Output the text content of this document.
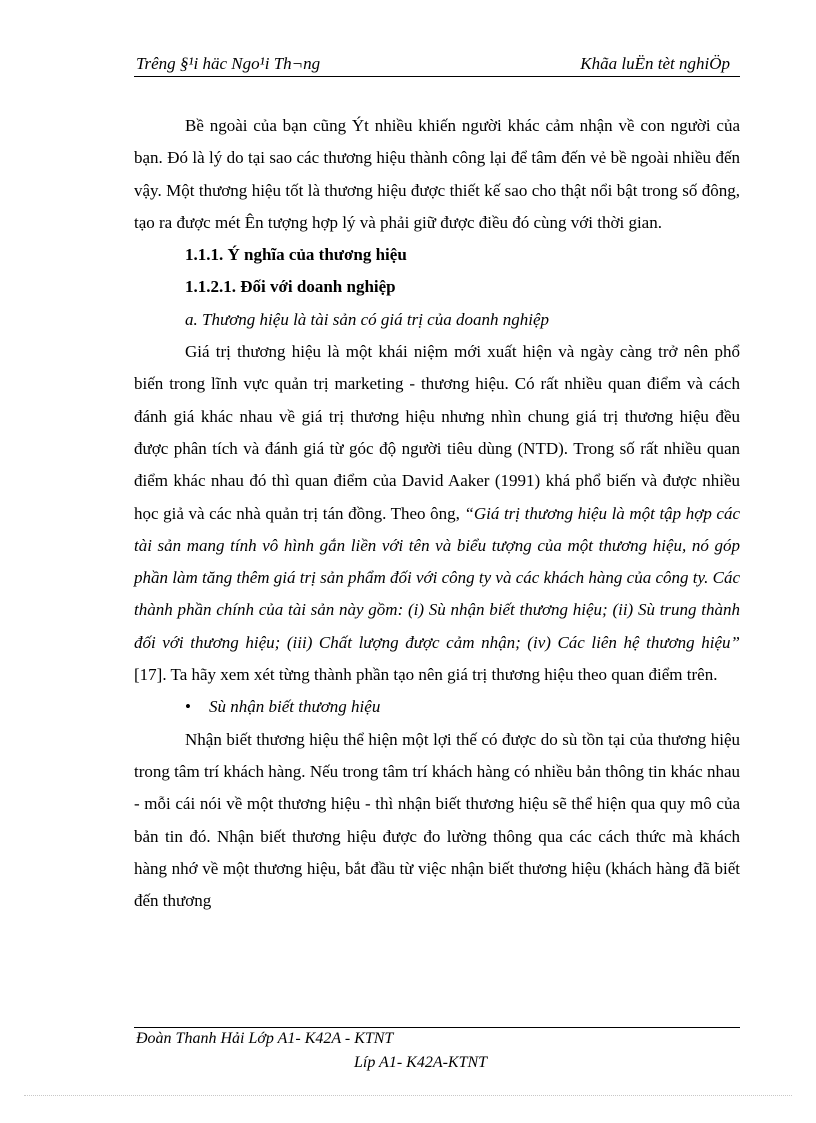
Trêng §¹i häc Ngo¹i Th¬ng	Khãa luËn tèt nghiÖp

Bề ngoài của bạn cũng Ýt nhiều khiến người khác cảm nhận về con người của bạn. Đó là lý do tại sao các thương hiệu thành công lại để tâm đến vẻ bề ngoài nhiều đến vậy. Một thương hiệu tốt là thương hiệu được thiết kế sao cho thật nổi bật trong số đông, tạo ra được mét Ên tượng hợp lý và phải giữ được điều đó cùng với thời gian.

1.1.1. Ý nghĩa của thương hiệu

1.1.2.1. Đối với doanh nghiệp

a. Thương hiệu là tài sản có giá trị của doanh nghiệp

Giá trị thương hiệu là một khái niệm mới xuất hiện và ngày càng trở nên phổ biến trong lĩnh vực quản trị marketing - thương hiệu. Có rất nhiều quan điểm và cách đánh giá khác nhau về giá trị thương hiệu nhưng nhìn chung giá trị thương hiệu đều được phân tích và đánh giá từ góc độ người tiêu dùng (NTD). Trong số rất nhiều quan điểm khác nhau đó thì quan điểm của David Aaker (1991) khá phổ biến và được nhiều học giả và các nhà quản trị tán đồng. Theo ông, “Giá trị thương hiệu là một tập hợp các tài sản mang tính vô hình gắn liền với tên và biểu tượng của một thương hiệu, nó góp phần làm tăng thêm giá trị sản phẩm đối với công ty và các khách hàng của công ty. Các thành phần chính của tài sản này gồm: (i) Sù nhận biết thương hiệu; (ii) Sù trung thành đối với thương hiệu; (iii) Chất lượng được cảm nhận; (iv) Các liên hệ thương hiệu” [17]. Ta hãy xem xét từng thành phần tạo nên giá trị thương hiệu theo quan điểm trên.

• Sù nhận biết thương hiệu

Nhận biết thương hiệu thể hiện một lợi thế có được do sù tồn tại của thương hiệu trong tâm trí khách hàng. Nếu trong tâm trí khách hàng có nhiều bản thông tin khác nhau - mỗi cái nói về một thương hiệu - thì nhận biết thương hiệu sẽ thể hiện qua quy mô của bản tin đó. Nhận biết thương hiệu được đo lường thông qua các cách thức mà khách hàng nhớ về một thương hiệu, bắt đầu từ việc nhận biết thương hiệu (khách hàng đã biết đến thương

Đoàn Thanh Hải Lớp A1- K42A - KTNT
Líp A1- K42A-KTNT
